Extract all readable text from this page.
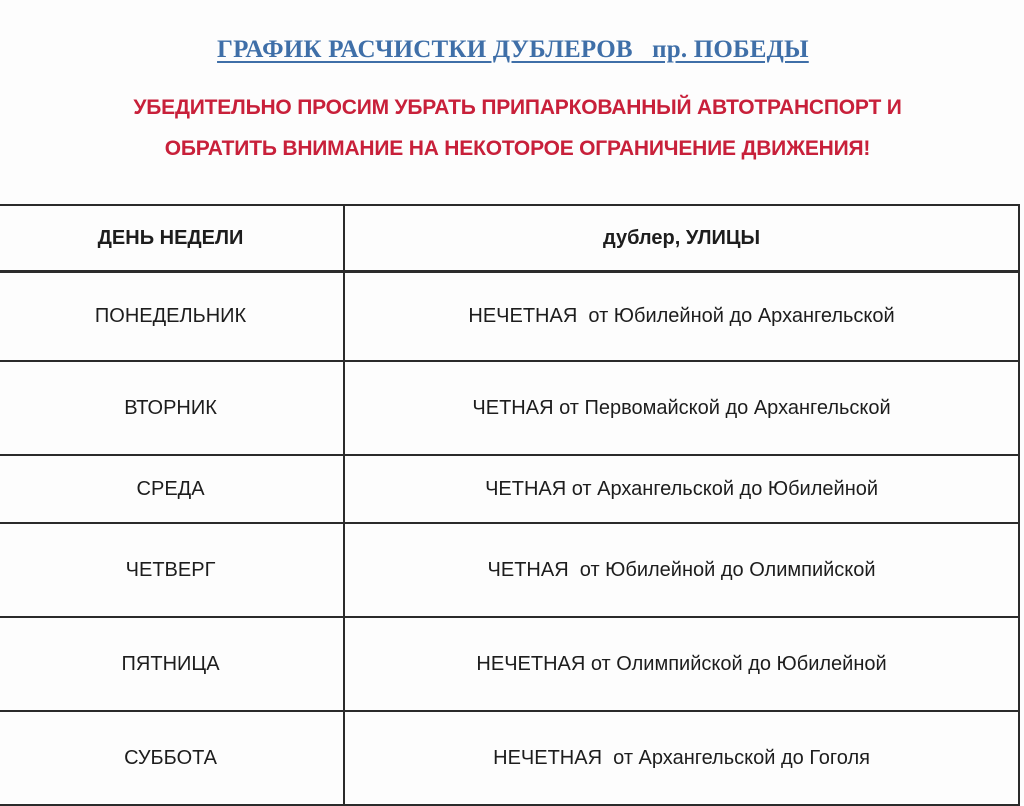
ГРАФИК РАСЧИСТКИ ДУБЛЕРОВ   пр. ПОБЕДЫ

УБЕДИТЕЛЬНО ПРОСИМ УБРАТЬ ПРИПАРКОВАННЫЙ АВТОТРАНСПОРТ И
ОБРАТИТЬ ВНИМАНИЕ НА НЕКОТОРОЕ ОГРАНИЧЕНИЕ ДВИЖЕНИЯ!
ДЕНЬ НЕДЕЛИ	дублер, УЛИЦЫ
ПОНЕДЕЛЬНИК	НЕЧЕТНАЯ  от Юбилейной до Архангельской
ВТОРНИК	ЧЕТНАЯ от Первомайской до Архангельской
СРЕДА	ЧЕТНАЯ от Архангельской до Юбилейной
ЧЕТВЕРГ	ЧЕТНАЯ  от Юбилейной до Олимпийской
ПЯТНИЦА	НЕЧЕТНАЯ от Олимпийской до Юбилейной
СУББОТА	НЕЧЕТНАЯ  от Архангельской до Гоголя
